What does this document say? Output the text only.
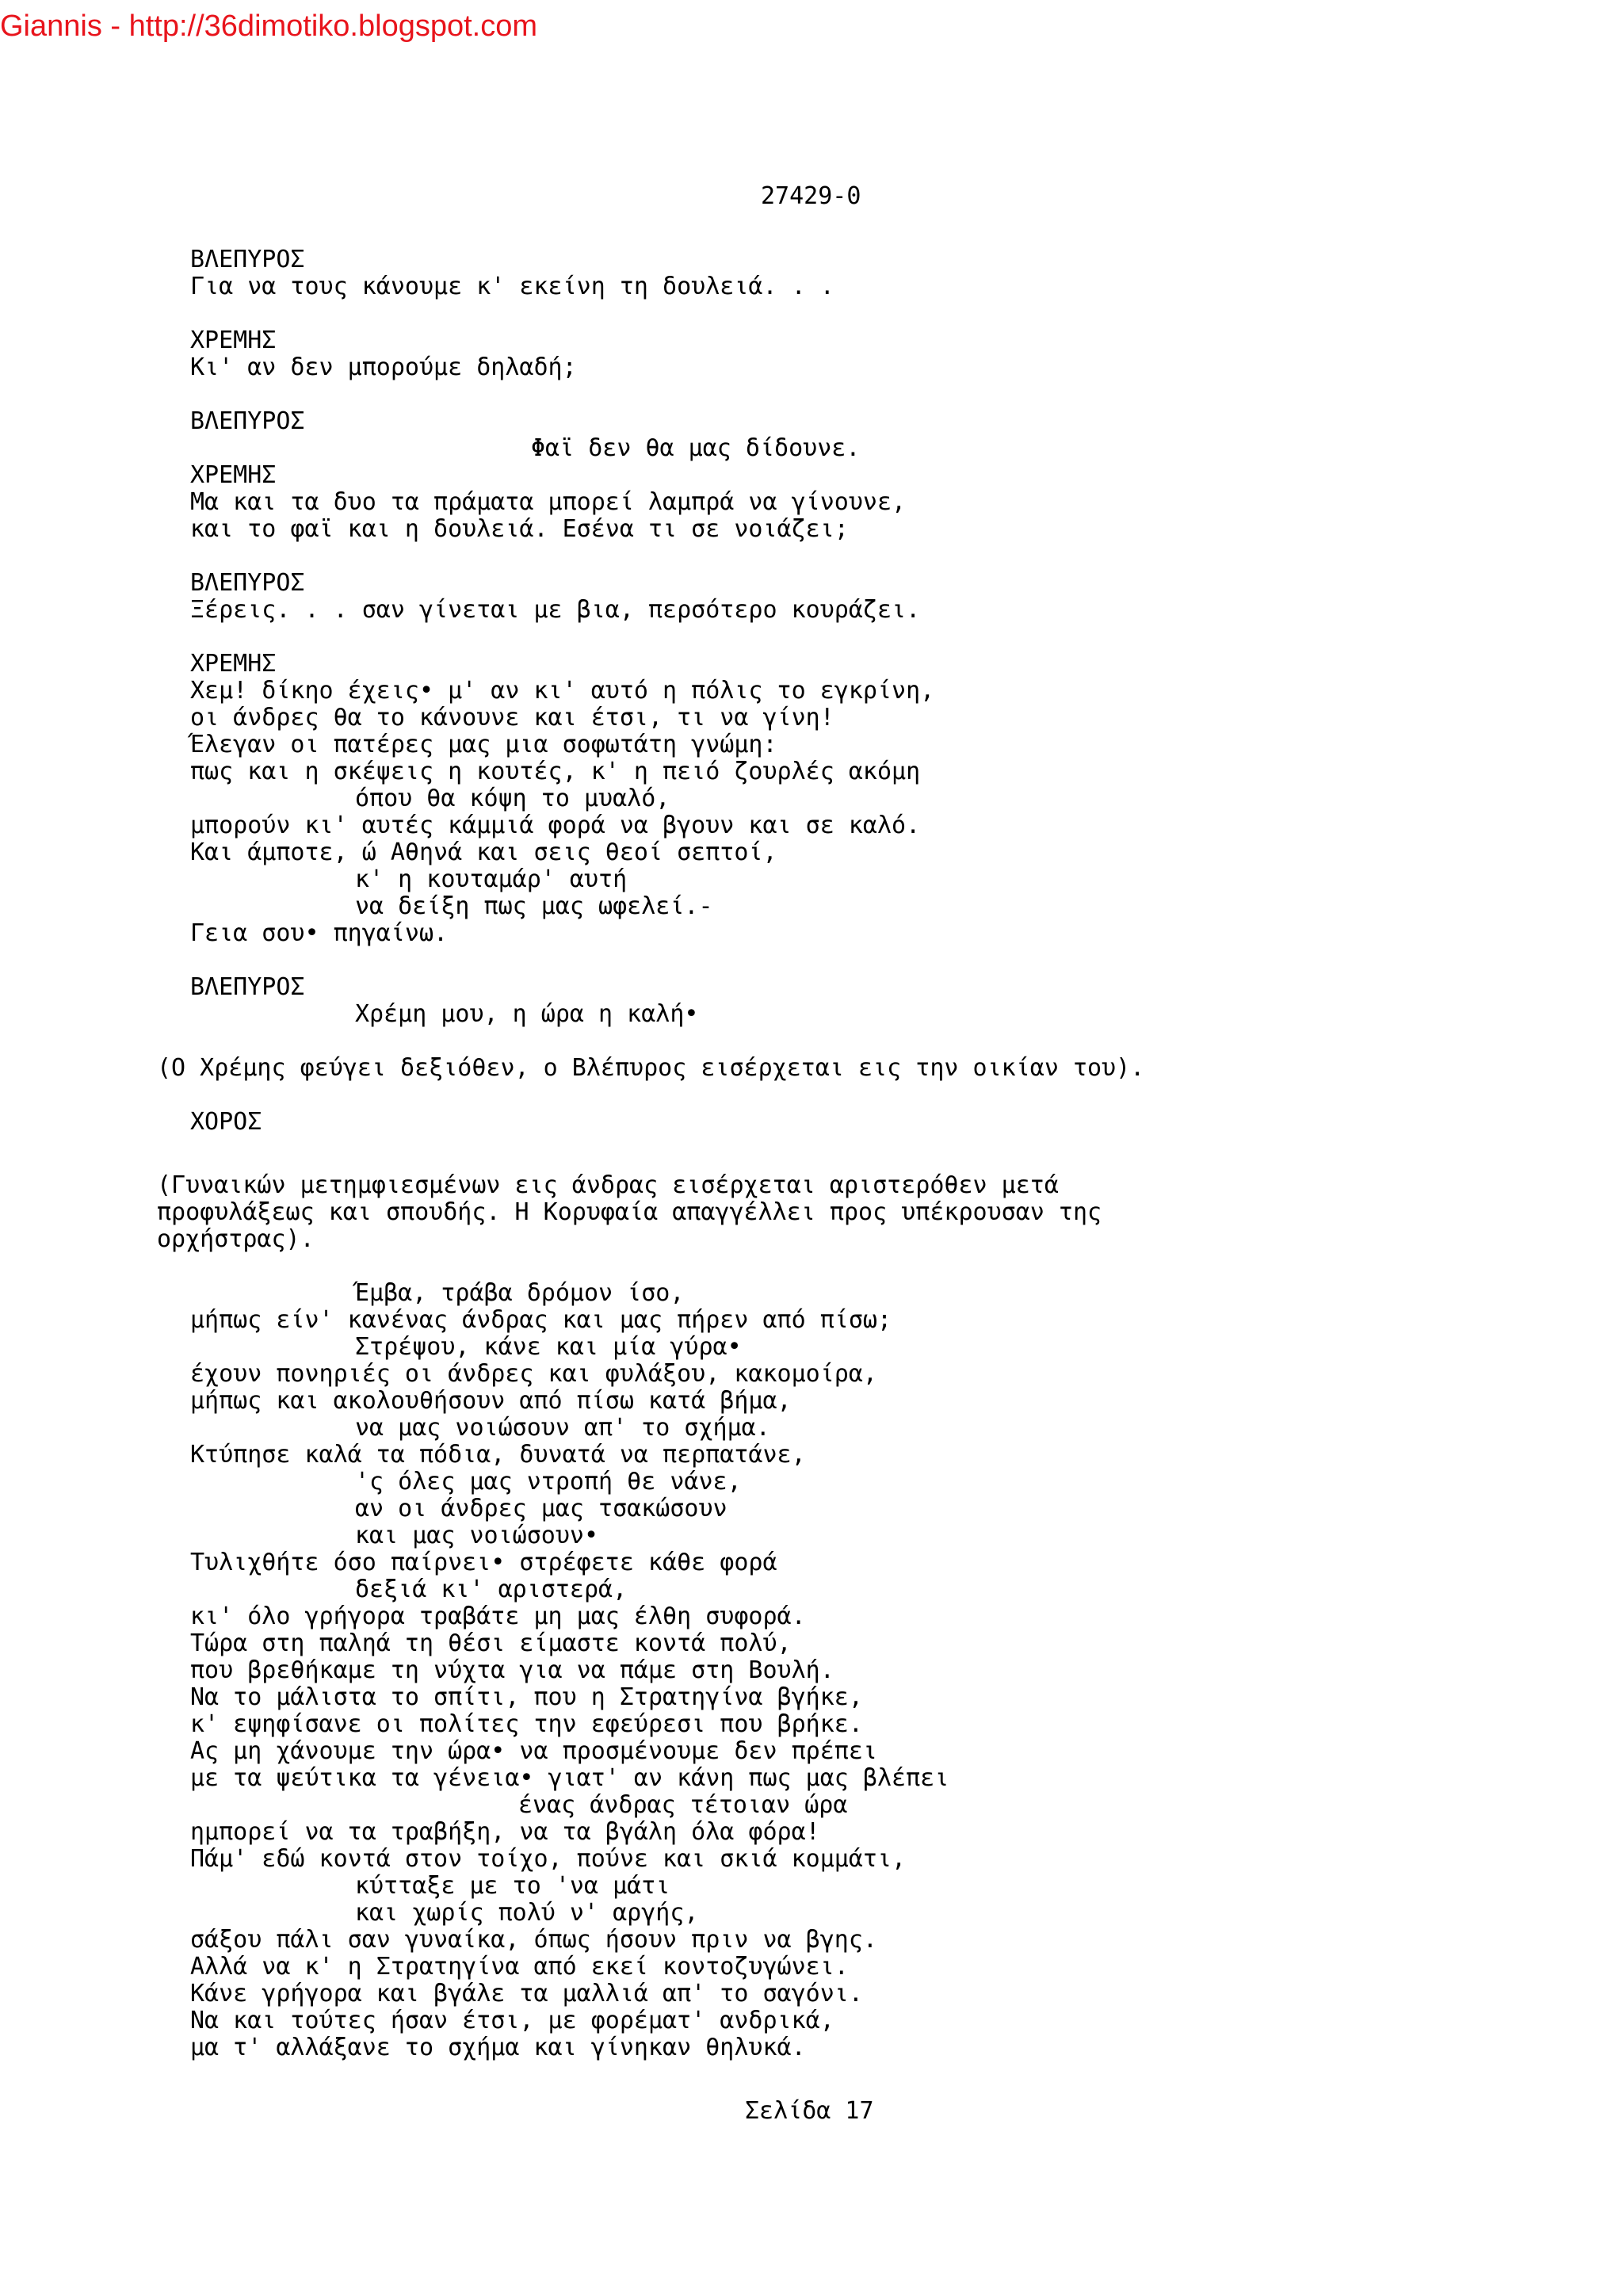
Giannis - http://36dimotiko.blogspot.com
27429-0
ΒΛΕΠΥΡΟΣ
Για να τους κάνουμε κ' εκείνη τη δουλειά. . .
ΧΡΕΜΗΣ
Κι' αν δεν μπορούμε δηλαδή;
ΒΛΕΠΥΡΟΣ
Φαϊ δεν θα μας δίδουνε.
ΧΡΕΜΗΣ
Μα και τα δυο τα πράματα μπορεί λαμπρά να γίνουνε,
και το φαϊ και η δουλειά. Εσένα τι σε νοιάζει;
ΒΛΕΠΥΡΟΣ
Ξέρεις. . . σαν γίνεται με βια, περσότερο κουράζει.
ΧΡΕΜΗΣ
Χεμ! δίκηο έχεις• μ' αν κι' αυτό η πόλις το εγκρίνη,
οι άνδρες θα το κάνουνε και έτσι, τι να γίνη!
Έλεγαν οι πατέρες μας μια σοφωτάτη γνώμη:
πως και η σκέψεις η κουτές, κ' η πειό ζουρλές ακόμη
όπου θα κόψη το μυαλό,
μπορούν κι' αυτές κάμμιά φορά να βγουν και σε καλό.
Και άμποτε, ώ Αθηνά και σεις θεοί σεπτοί,
κ' η κουταμάρ' αυτή
να δείξη πως μας ωφελεί.-
Γεια σου• πηγαίνω.
ΒΛΕΠΥΡΟΣ
Χρέμη μου, η ώρα η καλή•
(Ο Χρέμης φεύγει δεξιόθεν, ο Βλέπυρος εισέρχεται εις την οικίαν του).
ΧΟΡΟΣ
(Γυναικών μετημφιεσμένων εις άνδρας εισέρχεται αριστερόθεν μετά
προφυλάξεως και σπουδής. Η Κορυφαία απαγγέλλει προς υπέκρουσαν της
ορχήστρας).
Έμβα, τράβα δρόμον ίσο,
μήπως είν' κανένας άνδρας και μας πήρεν από πίσω;
Στρέψου, κάνε και μία γύρα•
έχουν πονηριές οι άνδρες και φυλάξου, κακομοίρα,
μήπως και ακολουθήσουν από πίσω κατά βήμα,
να μας νοιώσουν απ' το σχήμα.
Κτύπησε καλά τα πόδια, δυνατά να περπατάνε,
'ς όλες μας ντροπή θε νάνε,
αν οι άνδρες μας τσακώσουν
και μας νοιώσουν•
Τυλιχθήτε όσο παίρνει• στρέφετε κάθε φορά
δεξιά κι' αριστερά,
κι' όλο γρήγορα τραβάτε μη μας έλθη συφορά.
Τώρα στη παληά τη θέσι είμαστε κοντά πολύ,
που βρεθήκαμε τη νύχτα για να πάμε στη Βουλή.
Να το μάλιστα το σπίτι, που η Στρατηγίνα βγήκε,
κ' εψηφίσανε οι πολίτες την εφεύρεσι που βρήκε.
Ας μη χάνουμε την ώρα• να προσμένουμε δεν πρέπει
με τα ψεύτικα τα γένεια• γιατ' αν κάνη πως μας βλέπει
ένας άνδρας τέτοιαν ώρα
ημπορεί να τα τραβήξη, να τα βγάλη όλα φόρα!
Πάμ' εδώ κοντά στον τοίχο, πούνε και σκιά κομμάτι,
κύτταξε με το 'να μάτι
και χωρίς πολύ ν' αργής,
σάξου πάλι σαν γυναίκα, όπως ήσουν πριν να βγης.
Αλλά να κ' η Στρατηγίνα από εκεί κοντοζυγώνει.
Κάνε γρήγορα και βγάλε τα μαλλιά απ' το σαγόνι.
Να και τούτες ήσαν έτσι, με φορέματ' ανδρικά,
μα τ' αλλάξανε το σχήμα και γίνηκαν θηλυκά.
Σελίδα 17
